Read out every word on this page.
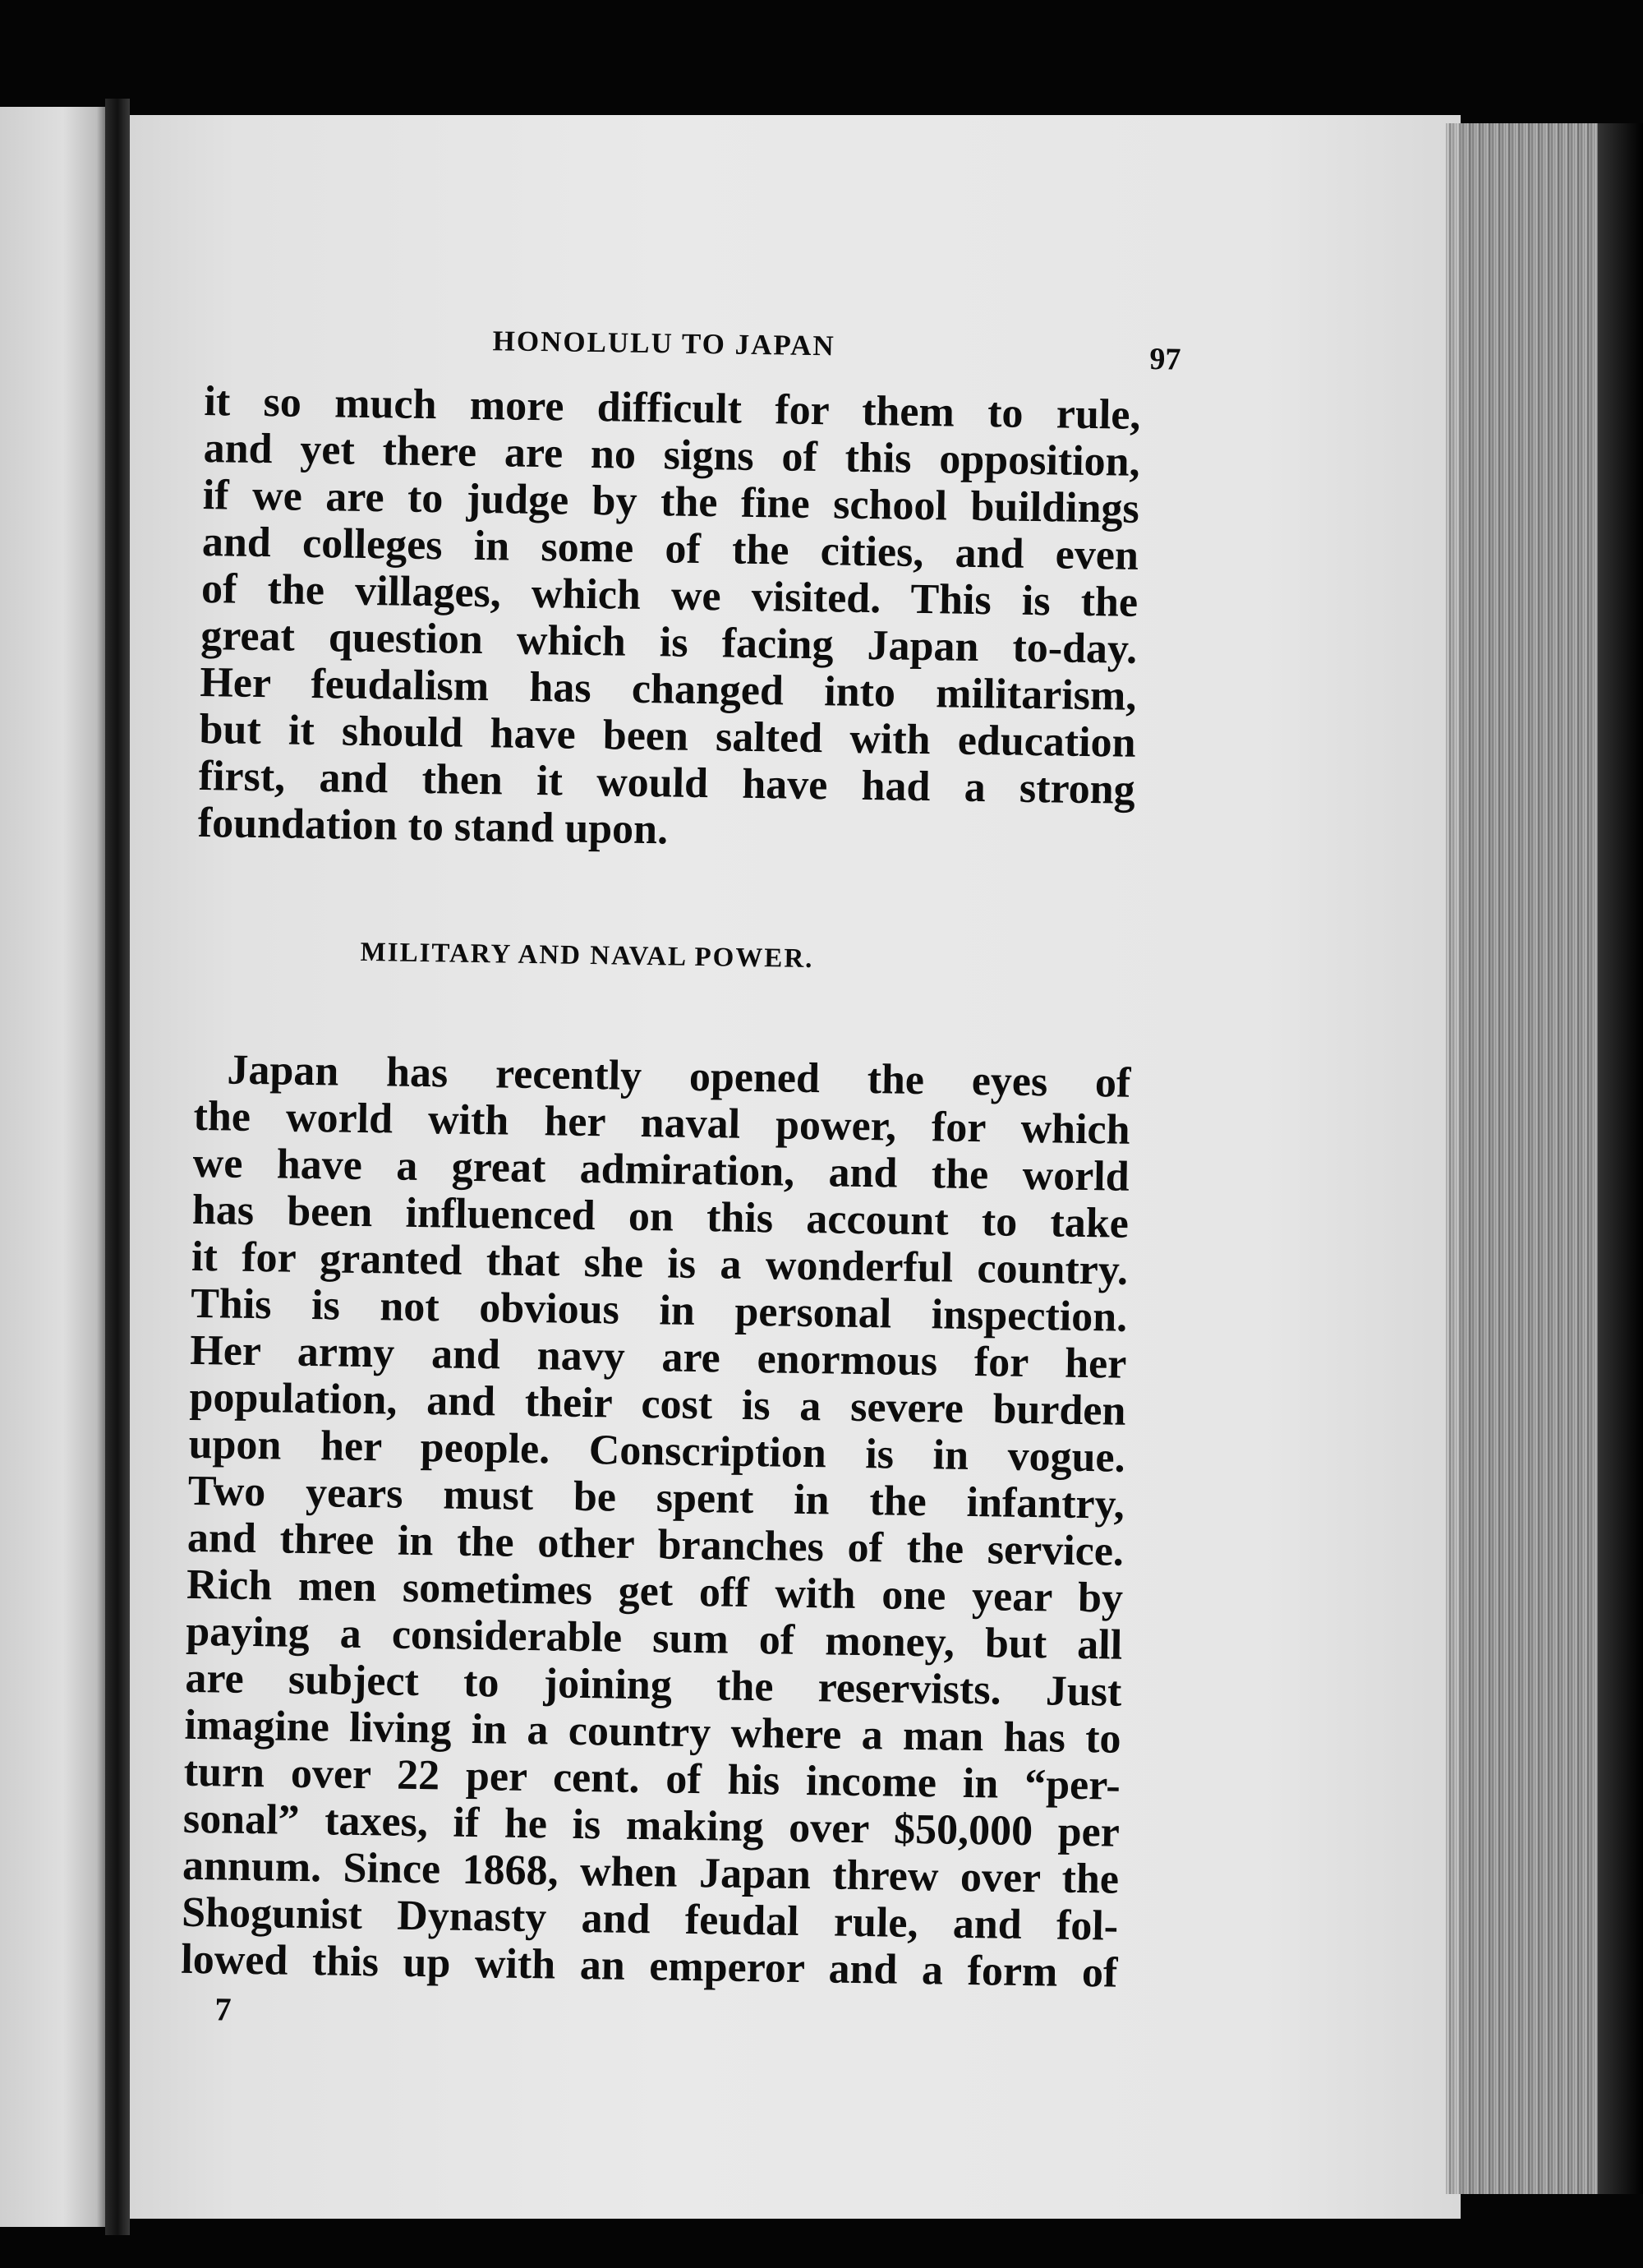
HONOLULU TO JAPAN	97

it so much more difficult for them to rule,
and yet there are no signs of this opposition,
if we are to judge by the fine school buildings
and colleges in some of the cities, and even
of the villages, which we visited. This is the
great question which is facing Japan to-day.
Her feudalism has changed into militarism,
but it should have been salted with education
first, and then it would have had a strong
foundation to stand upon.

MILITARY AND NAVAL POWER.

Japan has recently opened the eyes of
the world with her naval power, for which
we have a great admiration, and the world
has been influenced on this account to take
it for granted that she is a wonderful country.
This is not obvious in personal inspection.
Her army and navy are enormous for her
population, and their cost is a severe burden
upon her people. Conscription is in vogue.
Two years must be spent in the infantry,
and three in the other branches of the service.
Rich men sometimes get off with one year by
paying a considerable sum of money, but all
are subject to joining the reservists. Just
imagine living in a country where a man has to
turn over 22 per cent. of his income in “per-
sonal” taxes, if he is making over $50,000 per
annum. Since 1868, when Japan threw over the
Shogunist Dynasty and feudal rule, and fol-
lowed this up with an emperor and a form of

7
